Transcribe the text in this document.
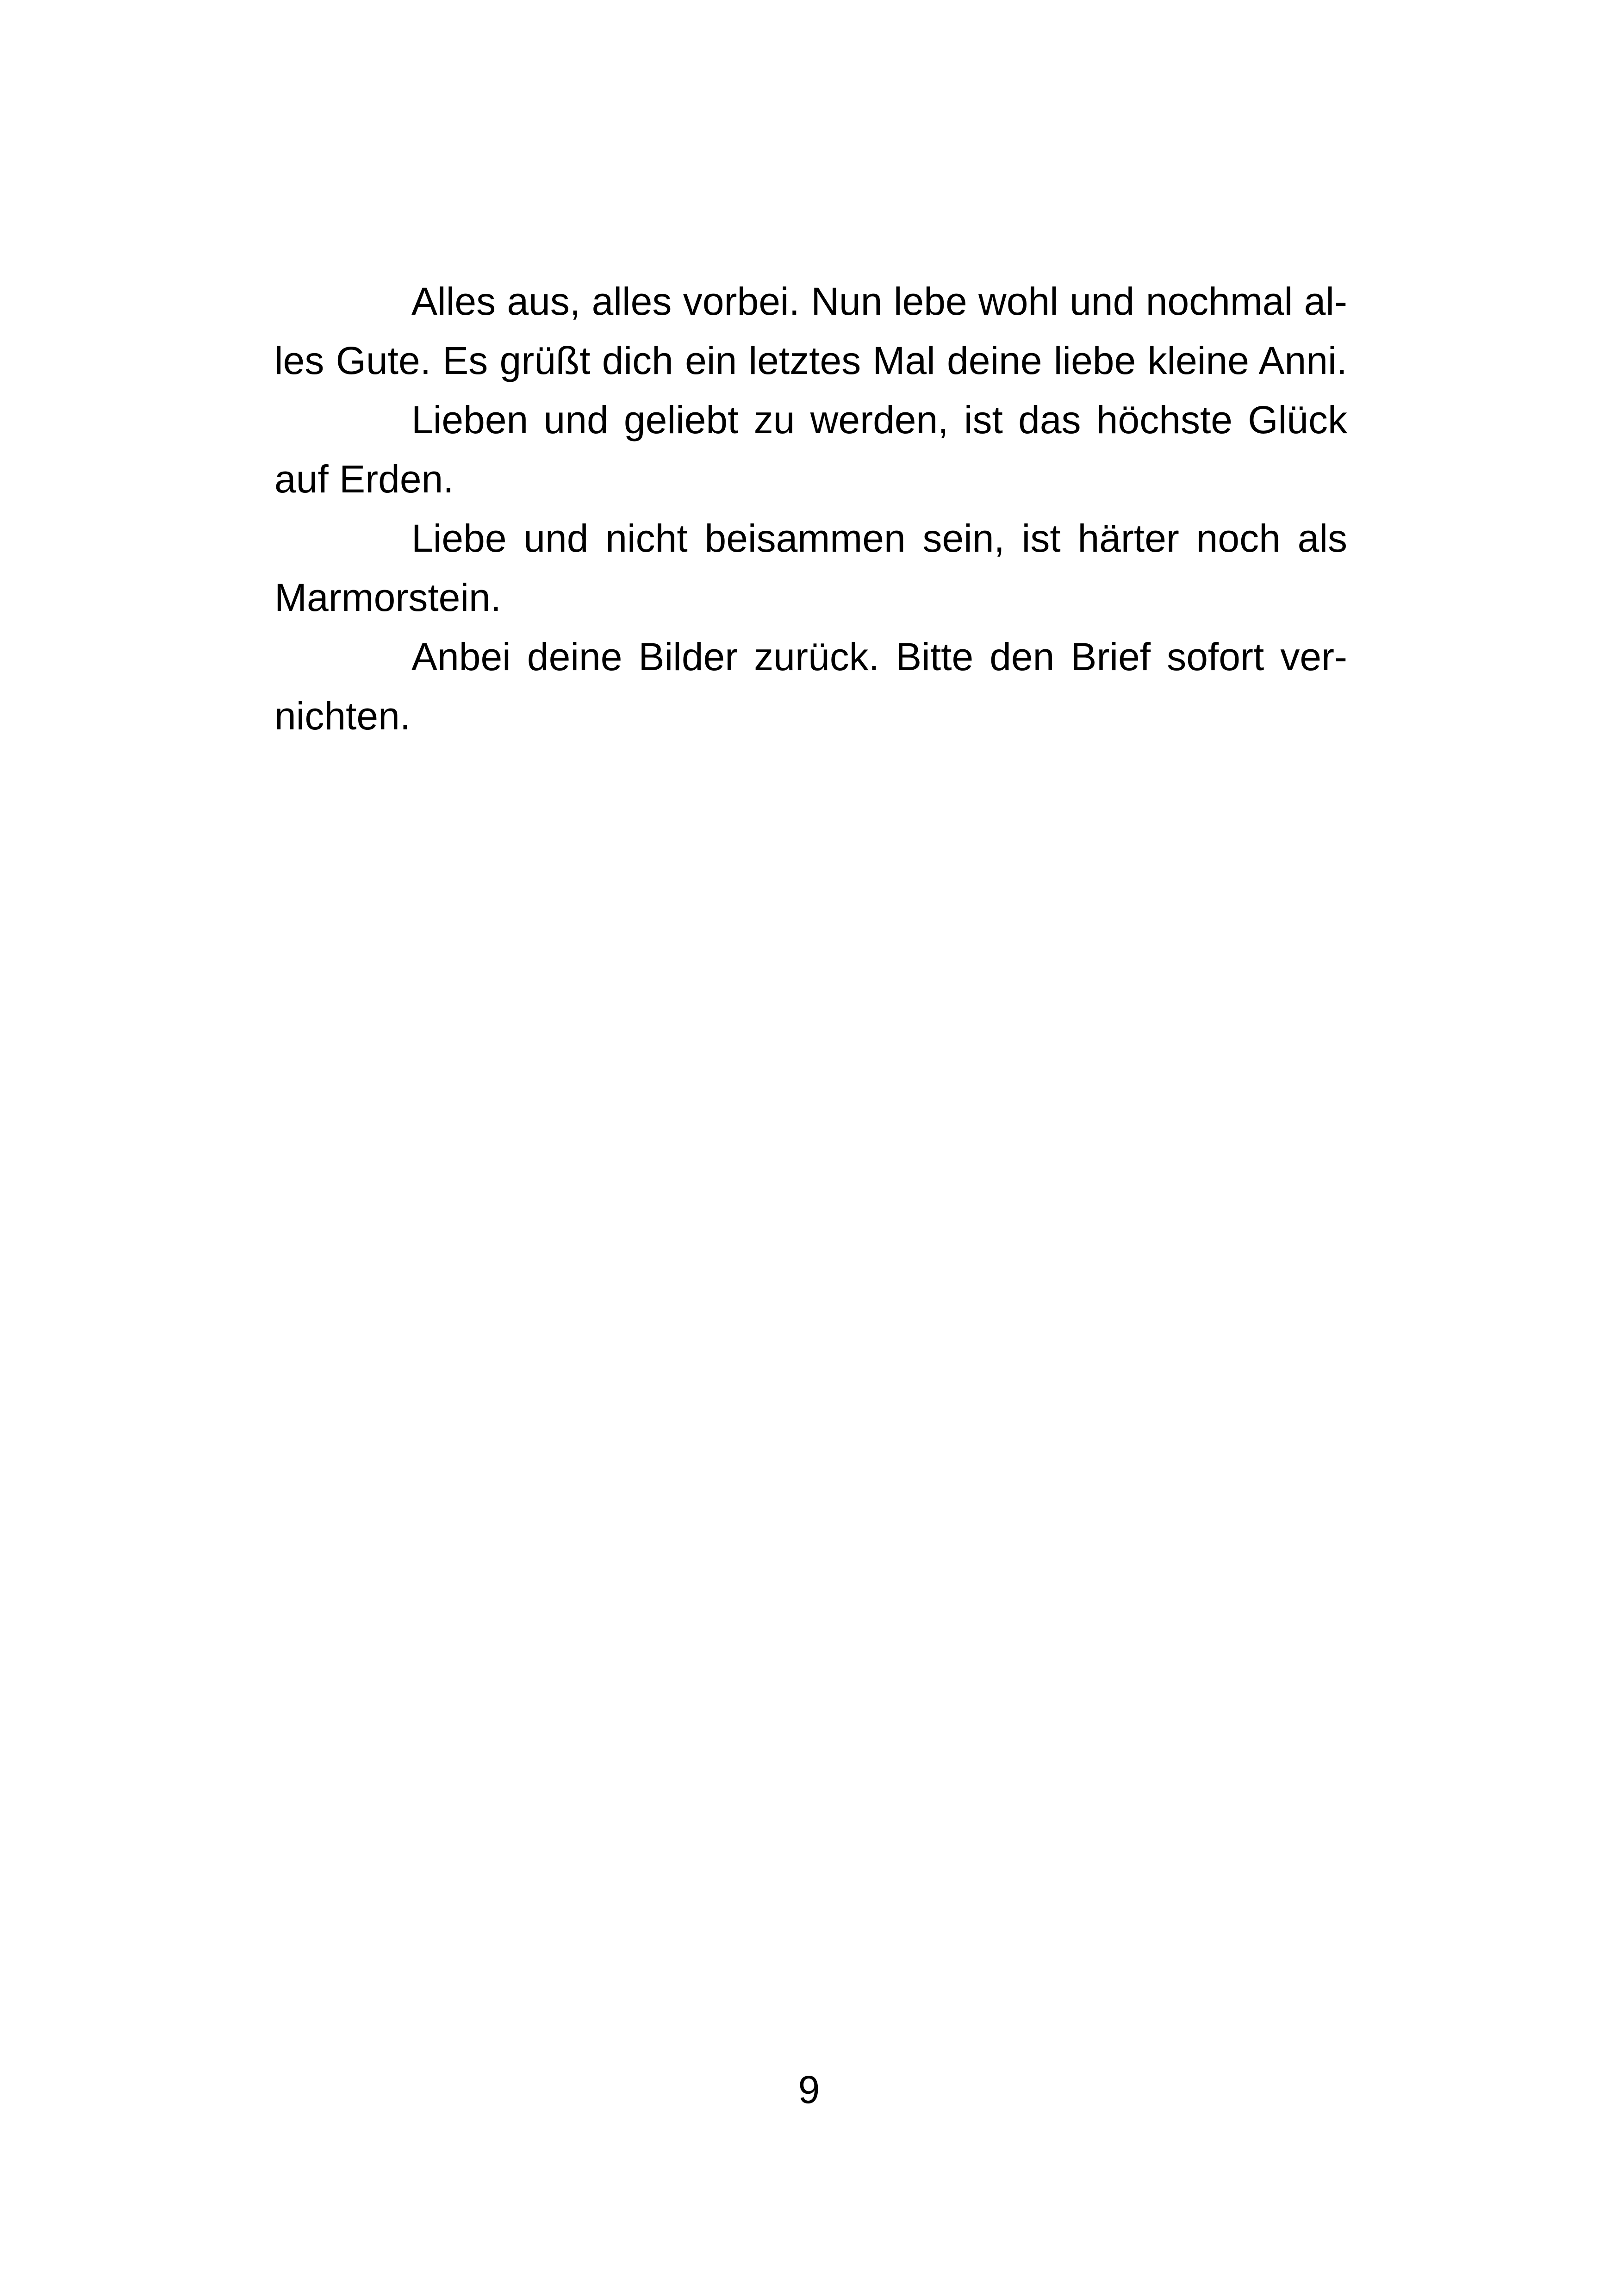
Alles aus, alles vorbei. Nun lebe wohl und nochmal al-
les Gute. Es grüßt dich ein letztes Mal deine liebe kleine Anni.
Lieben und geliebt zu werden, ist das höchste Glück
auf Erden.
Liebe und nicht beisammen sein, ist härter noch als
Marmorstein.
Anbei deine Bilder zurück. Bitte den Brief sofort ver-
nichten.
9
